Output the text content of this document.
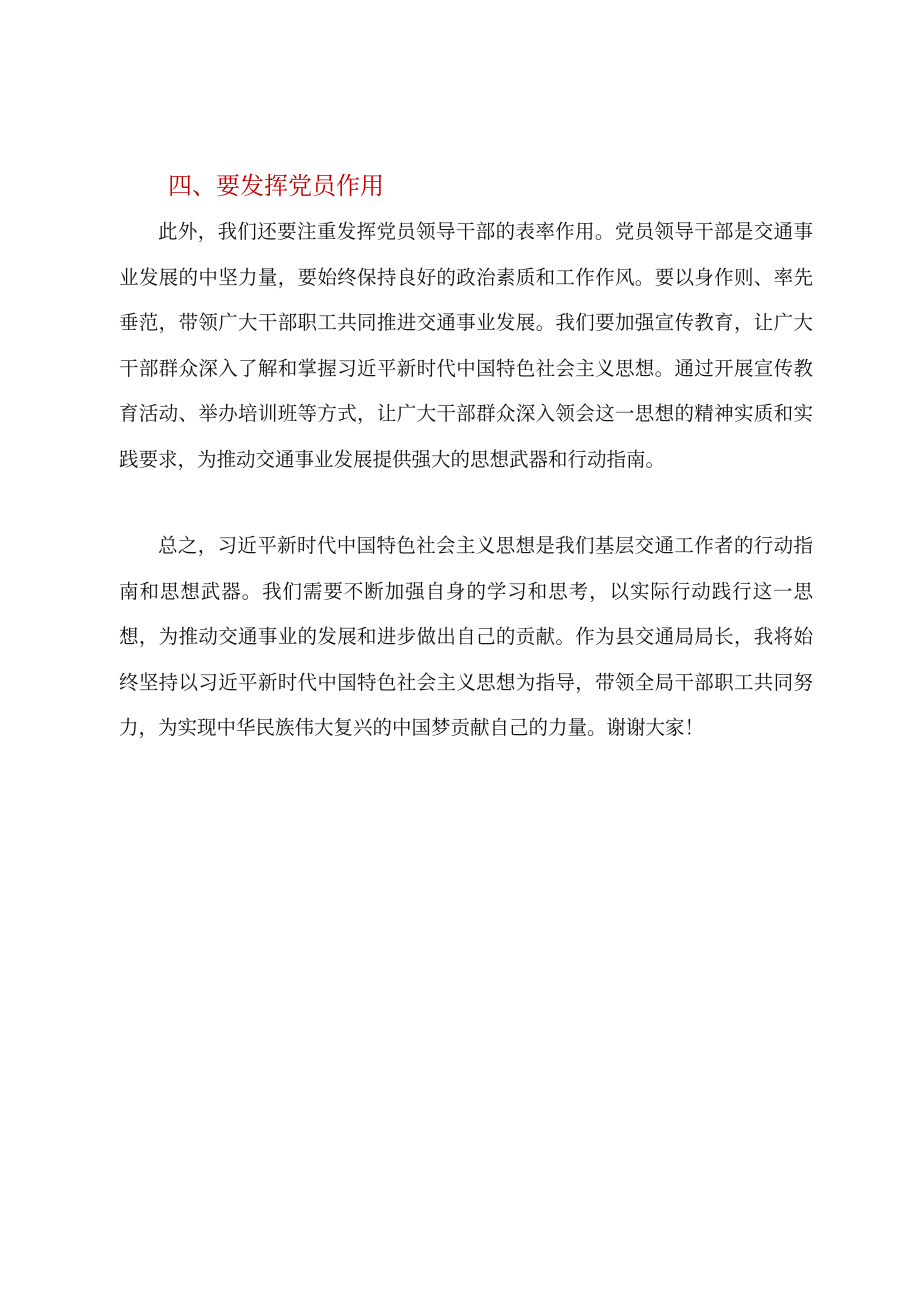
四、要发挥党员作用

此外，我们还要注重发挥党员领导干部的表率作用。党员领导干部是交通事业发展的中坚力量，要始终保持良好的政治素质和工作作风。要以身作则、率先垂范，带领广大干部职工共同推进交通事业发展。我们要加强宣传教育，让广大干部群众深入了解和掌握习近平新时代中国特色社会主义思想。通过开展宣传教育活动、举办培训班等方式，让广大干部群众深入领会这一思想的精神实质和实践要求，为推动交通事业发展提供强大的思想武器和行动指南。

总之，习近平新时代中国特色社会主义思想是我们基层交通工作者的行动指南和思想武器。我们需要不断加强自身的学习和思考，以实际行动践行这一思想，为推动交通事业的发展和进步做出自己的贡献。作为县交通局局长，我将始终坚持以习近平新时代中国特色社会主义思想为指导，带领全局干部职工共同努力，为实现中华民族伟大复兴的中国梦贡献自己的力量。谢谢大家！
